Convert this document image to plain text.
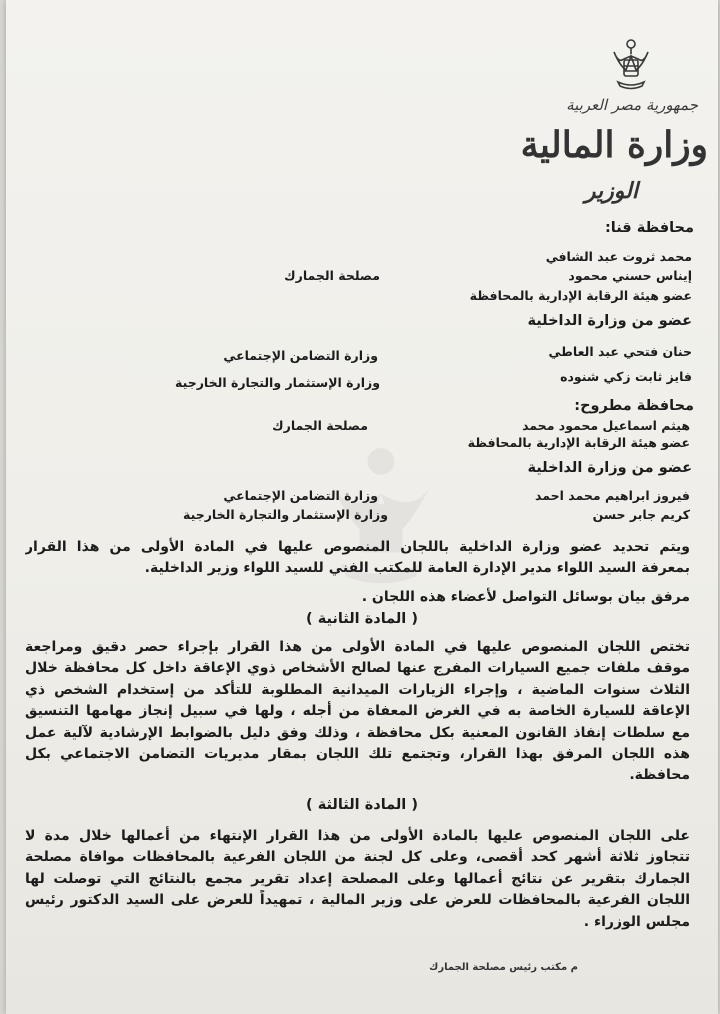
جمهورية مصر العربية
وزارة المالية
الوزير
محافظة قنا:
محمد ثروت عبد الشافي
إيناس حسني محمود
مصلحة الجمارك
عضو هيئة الرقابة الإدارية بالمحافظة
عضو من وزارة الداخلية
حنان فتحي عبد العاطي
وزارة التضامن الإجتماعي
فايز ثابت زكي شنوده
وزارة الإستثمار والتجارة الخارجية
محافظة مطروح:
هيثم اسماعيل محمود محمد
مصلحة الجمارك
عضو هيئة الرقابة الإدارية بالمحافظة
عضو من وزارة الداخلية
فيروز ابراهيم محمد احمد
وزارة التضامن الإجتماعي
كريم جابر حسن
وزارة الإستثمار والتجارة الخارجية
ويتم تحديد عضو وزارة الداخلية باللجان المنصوص عليها في المادة الأولى من هذا القرار
بمعرفة السيد اللواء مدير الإدارة العامة للمكتب الفني للسيد اللواء وزير الداخلية.
مرفق بيان بوسائل التواصل لأعضاء هذه اللجان .
( المادة الثانية )
تختص اللجان المنصوص عليها في المادة الأولى من هذا القرار بإجراء حصر دقيق ومراجعة
موقف ملفات جميع السيارات المفرج عنها لصالح الأشخاص ذوي الإعاقة داخل كل محافظة خلال
الثلاث سنوات الماضية ، وإجراء الزيارات الميدانية المطلوبة للتأكد من إستخدام الشخص ذي
الإعاقة للسيارة الخاصة به في الغرض المعفاة من أجله ، ولها في سبيل إنجاز مهامها التنسيق
مع سلطات إنفاذ القانون المعنية بكل محافظة ، وذلك وفق دليل بالضوابط الإرشادية لآلية عمل
هذه اللجان المرفق بهذا القرار، وتجتمع تلك اللجان بمقار مديريات التضامن الاجتماعي بكل
محافظة.
( المادة الثالثة )
على اللجان المنصوص عليها بالمادة الأولى من هذا القرار الإنتهاء من أعمالها خلال مدة لا
تتجاوز ثلاثة أشهر كحد أقصى، وعلى كل لجنة من اللجان الفرعية بالمحافظات موافاة مصلحة
الجمارك بتقرير عن نتائج أعمالها وعلى المصلحة إعداد تقرير مجمع بالنتائج التي توصلت لها
اللجان الفرعية بالمحافظات للعرض على وزير المالية ، تمهيداً للعرض على السيد الدكتور رئيس
مجلس الوزراء .
م مكتب رئيس مصلحة الجمارك
